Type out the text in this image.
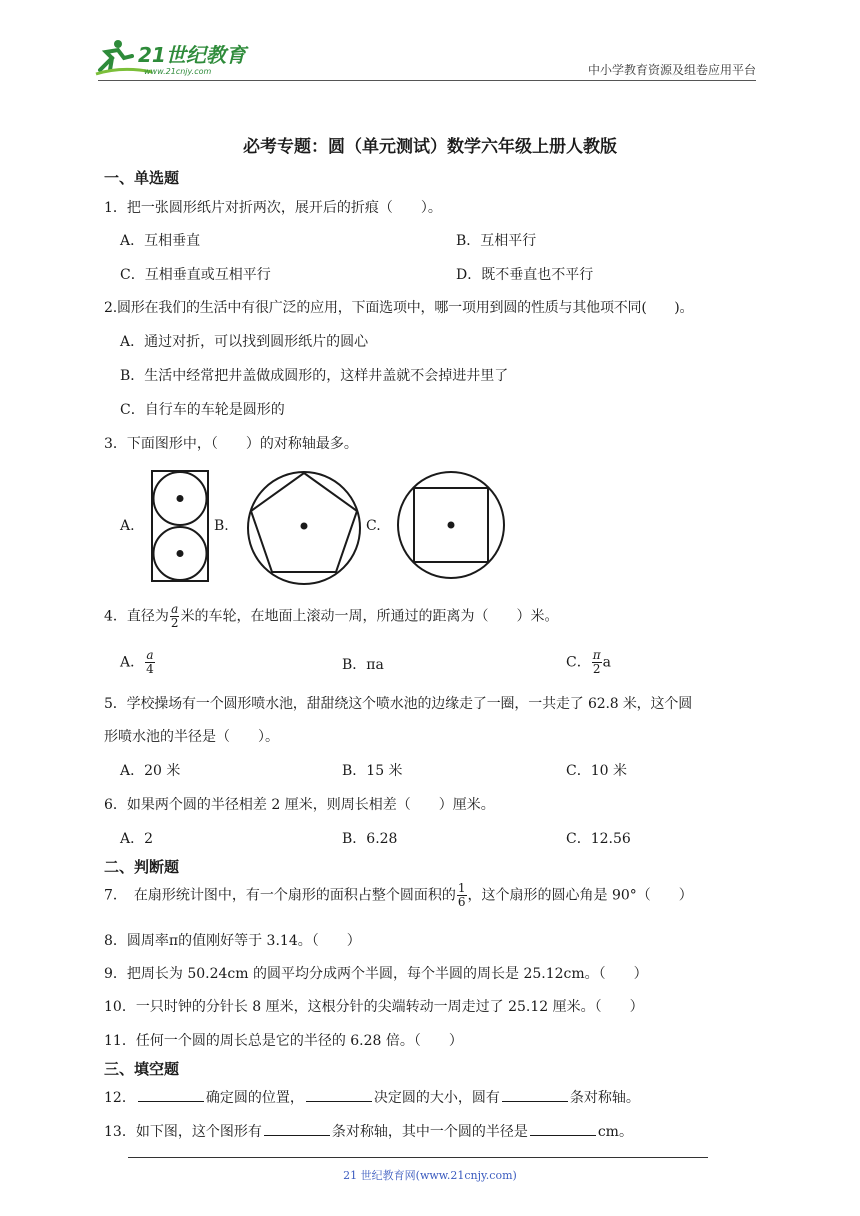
21世纪教育
www.21cnjy.com	中小学教育资源及组卷应用平台
必考专题：圆（单元测试）数学六年级上册人教版
一、单选题
1．把一张圆形纸片对折两次，展开后的折痕（　　）。
A．互相垂直	B．互相平行
C．互相垂直或互相平行	D．既不垂直也不平行
2.圆形在我们的生活中有很广泛的应用，下面选项中，哪一项用到圆的性质与其他项不同(　　)。
A．通过对折，可以找到圆形纸片的圆心
B．生活中经常把井盖做成圆形的，这样井盖就不会掉进井里了
C．自行车的车轮是圆形的
3．下面图形中，（　　）的对称轴最多。
A.	B.	C.
4．直径为 $\frac{a}{2}$ 米的车轮，在地面上滚动一周，所通过的距离为（　　）米。
A． $\frac{a}{4}$	B．πa	C． $\frac{\pi}{2}$ a
5．学校操场有一个圆形喷水池，甜甜绕这个喷水池的边缘走了一圈，一共走了 62.8 米，这个圆
形喷水池的半径是（　　）。
A．20 米	B．15 米	C．10 米
6．如果两个圆的半径相差 2 厘米，则周长相差（　　）厘米。
A．2	B．6.28	C．12.56
二、判断题
7．　在扇形统计图中，有一个扇形的面积占整个圆面积的 $\frac{1}{6}$ ，这个扇形的圆心角是 90°（　　）
8．圆周率π的值刚好等于 3.14。（　　）
9．把周长为 50.24cm 的圆平均分成两个半圆，每个半圆的周长是 25.12cm。（　　）
10．一只时钟的分针长 8 厘米，这根分针的尖端转动一周走过了 25.12 厘米。（　　）
11．任何一个圆的周长总是它的半径的 6.28 倍。（　　）
三、填空题
12．	确定圆的位置，	决定圆的大小，圆有	条对称轴。
13．如下图，这个图形有	条对称轴，其中一个圆的半径是	cm。
21 世纪教育网(www.21cnjy.com)
